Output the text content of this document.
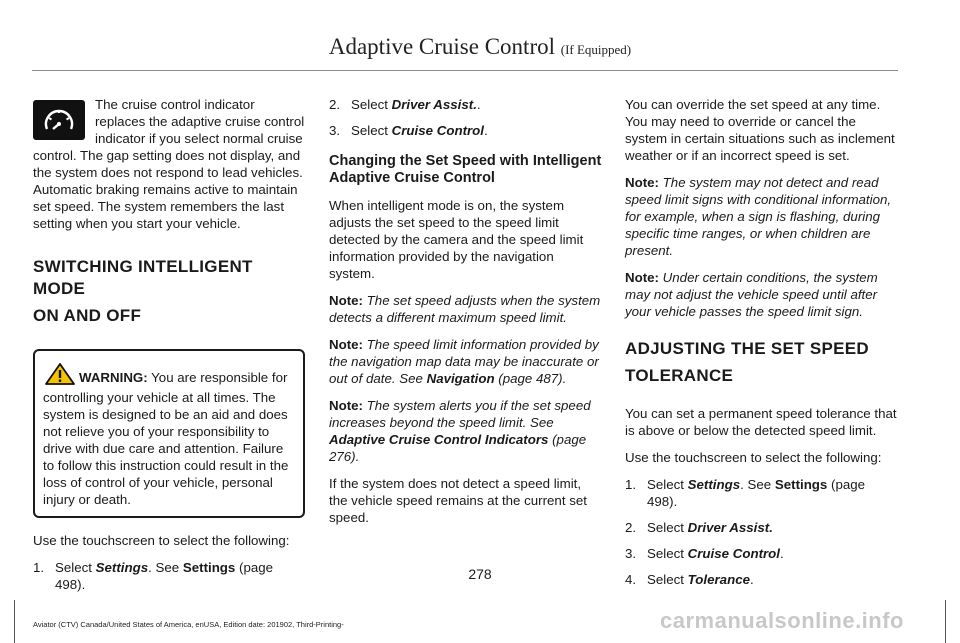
Adaptive Cruise Control (If Equipped)

The cruise control indicator replaces the adaptive cruise control indicator if you select normal cruise control. The gap setting does not display, and the system does not respond to lead vehicles. Automatic braking remains active to maintain set speed. The system remembers the last setting when you start your vehicle.

SWITCHING INTELLIGENT MODE
ON AND OFF
WARNING: You are responsible for controlling your vehicle at all times. The system is designed to be an aid and does not relieve you of your responsibility to drive with due care and attention. Failure to follow this instruction could result in the loss of control of your vehicle, personal injury or death.

Use the touchscreen to select the following:

1. Select Settings. See Settings (page 498).
2. Select Driver Assist..
3. Select Cruise Control.
Changing the Set Speed with Intelligent Adaptive Cruise Control

When intelligent mode is on, the system adjusts the set speed to the speed limit detected by the camera and the speed limit information provided by the navigation system.

Note: The set speed adjusts when the system detects a different maximum speed limit.

Note: The speed limit information provided by the navigation map data may be inaccurate or out of date. See Navigation (page 487).

Note: The system alerts you if the set speed increases beyond the speed limit. See Adaptive Cruise Control Indicators (page 276).

If the system does not detect a speed limit, the vehicle speed remains at the current set speed.

You can override the set speed at any time. You may need to override or cancel the system in certain situations such as inclement weather or if an incorrect speed is set.

Note: The system may not detect and read speed limit signs with conditional information, for example, when a sign is flashing, during specific time ranges, or when children are present.

Note: Under certain conditions, the system may not adjust the vehicle speed until after your vehicle passes the speed limit sign.

ADJUSTING THE SET SPEED
TOLERANCE

You can set a permanent speed tolerance that is above or below the detected speed limit.

Use the touchscreen to select the following:

1. Select Settings. See Settings (page 498).
2. Select Driver Assist.
3. Select Cruise Control.
4. Select Tolerance.
278
Aviator (CTV) Canada/United States of America, enUSA, Edition date: 201902, Third-Printing-	carmanualsonline.info
